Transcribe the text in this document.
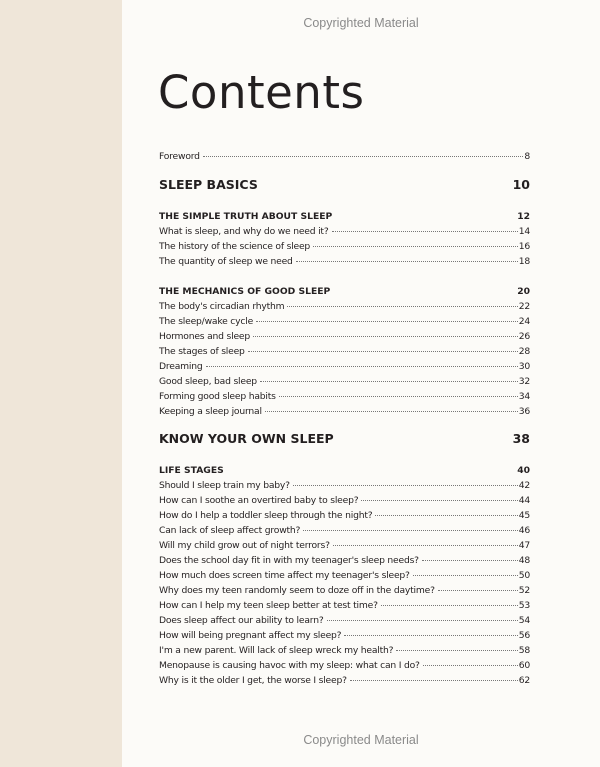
Copyrighted Material
Contents
Foreword	8
SLEEP BASICS	10
THE SIMPLE TRUTH ABOUT SLEEP	12
What is sleep, and why do we need it?	14
The history of the science of sleep	16
The quantity of sleep we need	18
THE MECHANICS OF GOOD SLEEP	20
The body's circadian rhythm	22
The sleep/wake cycle	24
Hormones and sleep	26
The stages of sleep	28
Dreaming	30
Good sleep, bad sleep	32
Forming good sleep habits	34
Keeping a sleep journal	36
KNOW YOUR OWN SLEEP	38
LIFE STAGES	40
Should I sleep train my baby?	42
How can I soothe an overtired baby to sleep?	44
How do I help a toddler sleep through the night?	45
Can lack of sleep affect growth?	46
Will my child grow out of night terrors?	47
Does the school day fit in with my teenager's sleep needs?	48
How much does screen time affect my teenager's sleep?	50
Why does my teen randomly seem to doze off in the daytime?	52
How can I help my teen sleep better at test time?	53
Does sleep affect our ability to learn?	54
How will being pregnant affect my sleep?	56
I'm a new parent. Will lack of sleep wreck my health?	58
Menopause is causing havoc with my sleep: what can I do?	60
Why is it the older I get, the worse I sleep?	62
Copyrighted Material
